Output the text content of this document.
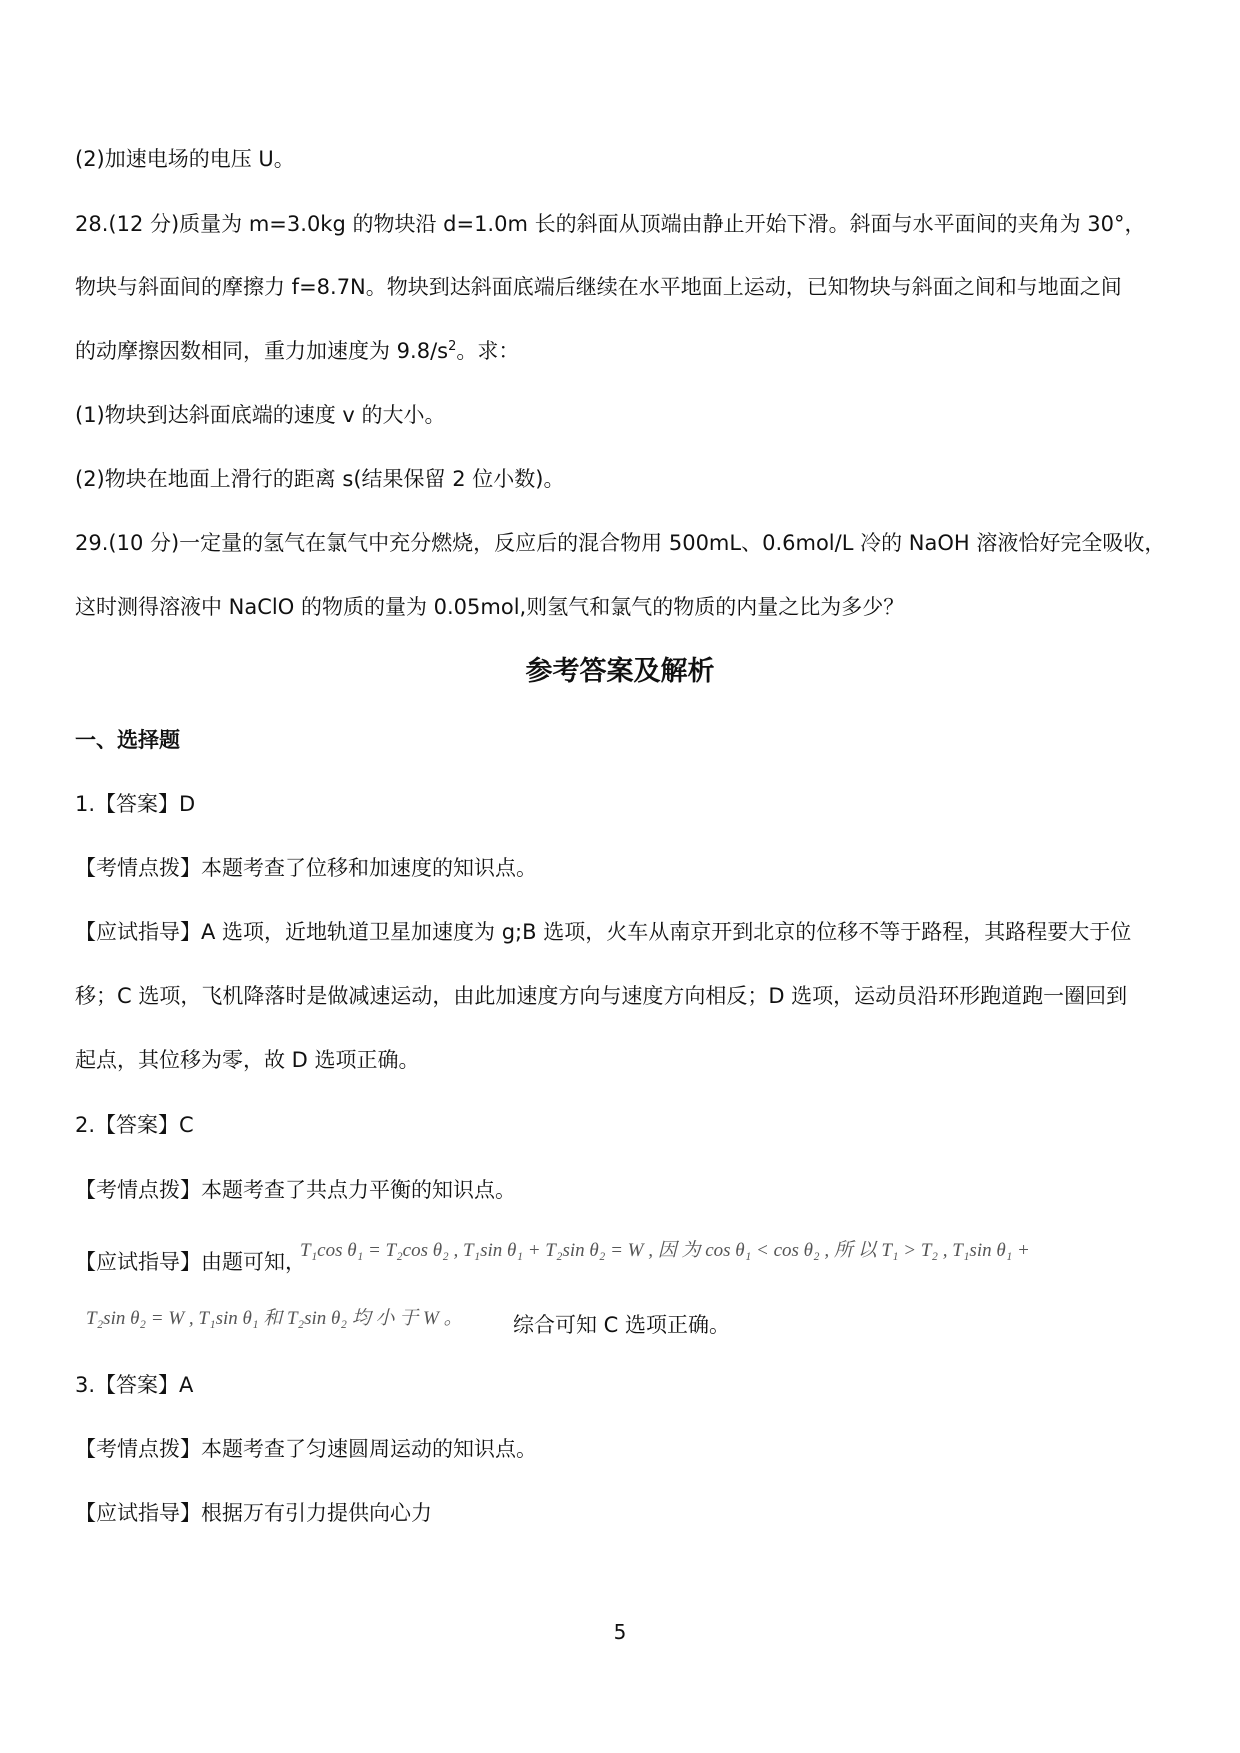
(2)加速电场的电压 U。
28.(12 分)质量为 m=3.0kg 的物块沿 d=1.0m 长的斜面从顶端由静止开始下滑。斜面与水平面间的夹角为 30°，
物块与斜面间的摩擦力 f=8.7N。物块到达斜面底端后继续在水平地面上运动，已知物块与斜面之间和与地面之间
的动摩擦因数相同，重力加速度为 $9.8/s^2$。求：
(1)物块到达斜面底端的速度 v 的大小。
(2)物块在地面上滑行的距离 s(结果保留 2 位小数)。
29.(10 分)一定量的氢气在氯气中充分燃烧，反应后的混合物用 500mL、0.6mol/L 冷的 NaOH 溶液恰好完全吸收，
这时测得溶液中 NaClO 的物质的量为 0.05mol,则氢气和氯气的物质的内量之比为多少？
参考答案及解析
一、选择题
1.【答案】D
【考情点拨】本题考查了位移和加速度的知识点。
【应试指导】A 选项，近地轨道卫星加速度为 g;B 选项，火车从南京开到北京的位移不等于路程，其路程要大于位
移；C 选项，飞机降落时是做减速运动，由此加速度方向与速度方向相反；D 选项，运动员沿环形跑道跑一圈回到
起点，其位移为零，故 D 选项正确。
2.【答案】C
【考情点拨】本题考查了共点力平衡的知识点。
【应试指导】由题可知，
T₁cos θ₁ = T₂cos θ₂ , T₁sin θ₁ + T₂sin θ₂ = W , 因 为 cos θ₁ < cos θ₂ , 所 以 T₁ > T₂ , T₁sin θ₁ +
T₂sin θ₂ = W , T₁sin θ₁ 和 T₂sin θ₂ 均 小 于 W 。 综合可知 C 选项正确。
3.【答案】A
【考情点拨】本题考查了匀速圆周运动的知识点。
【应试指导】根据万有引力提供向心力
5
